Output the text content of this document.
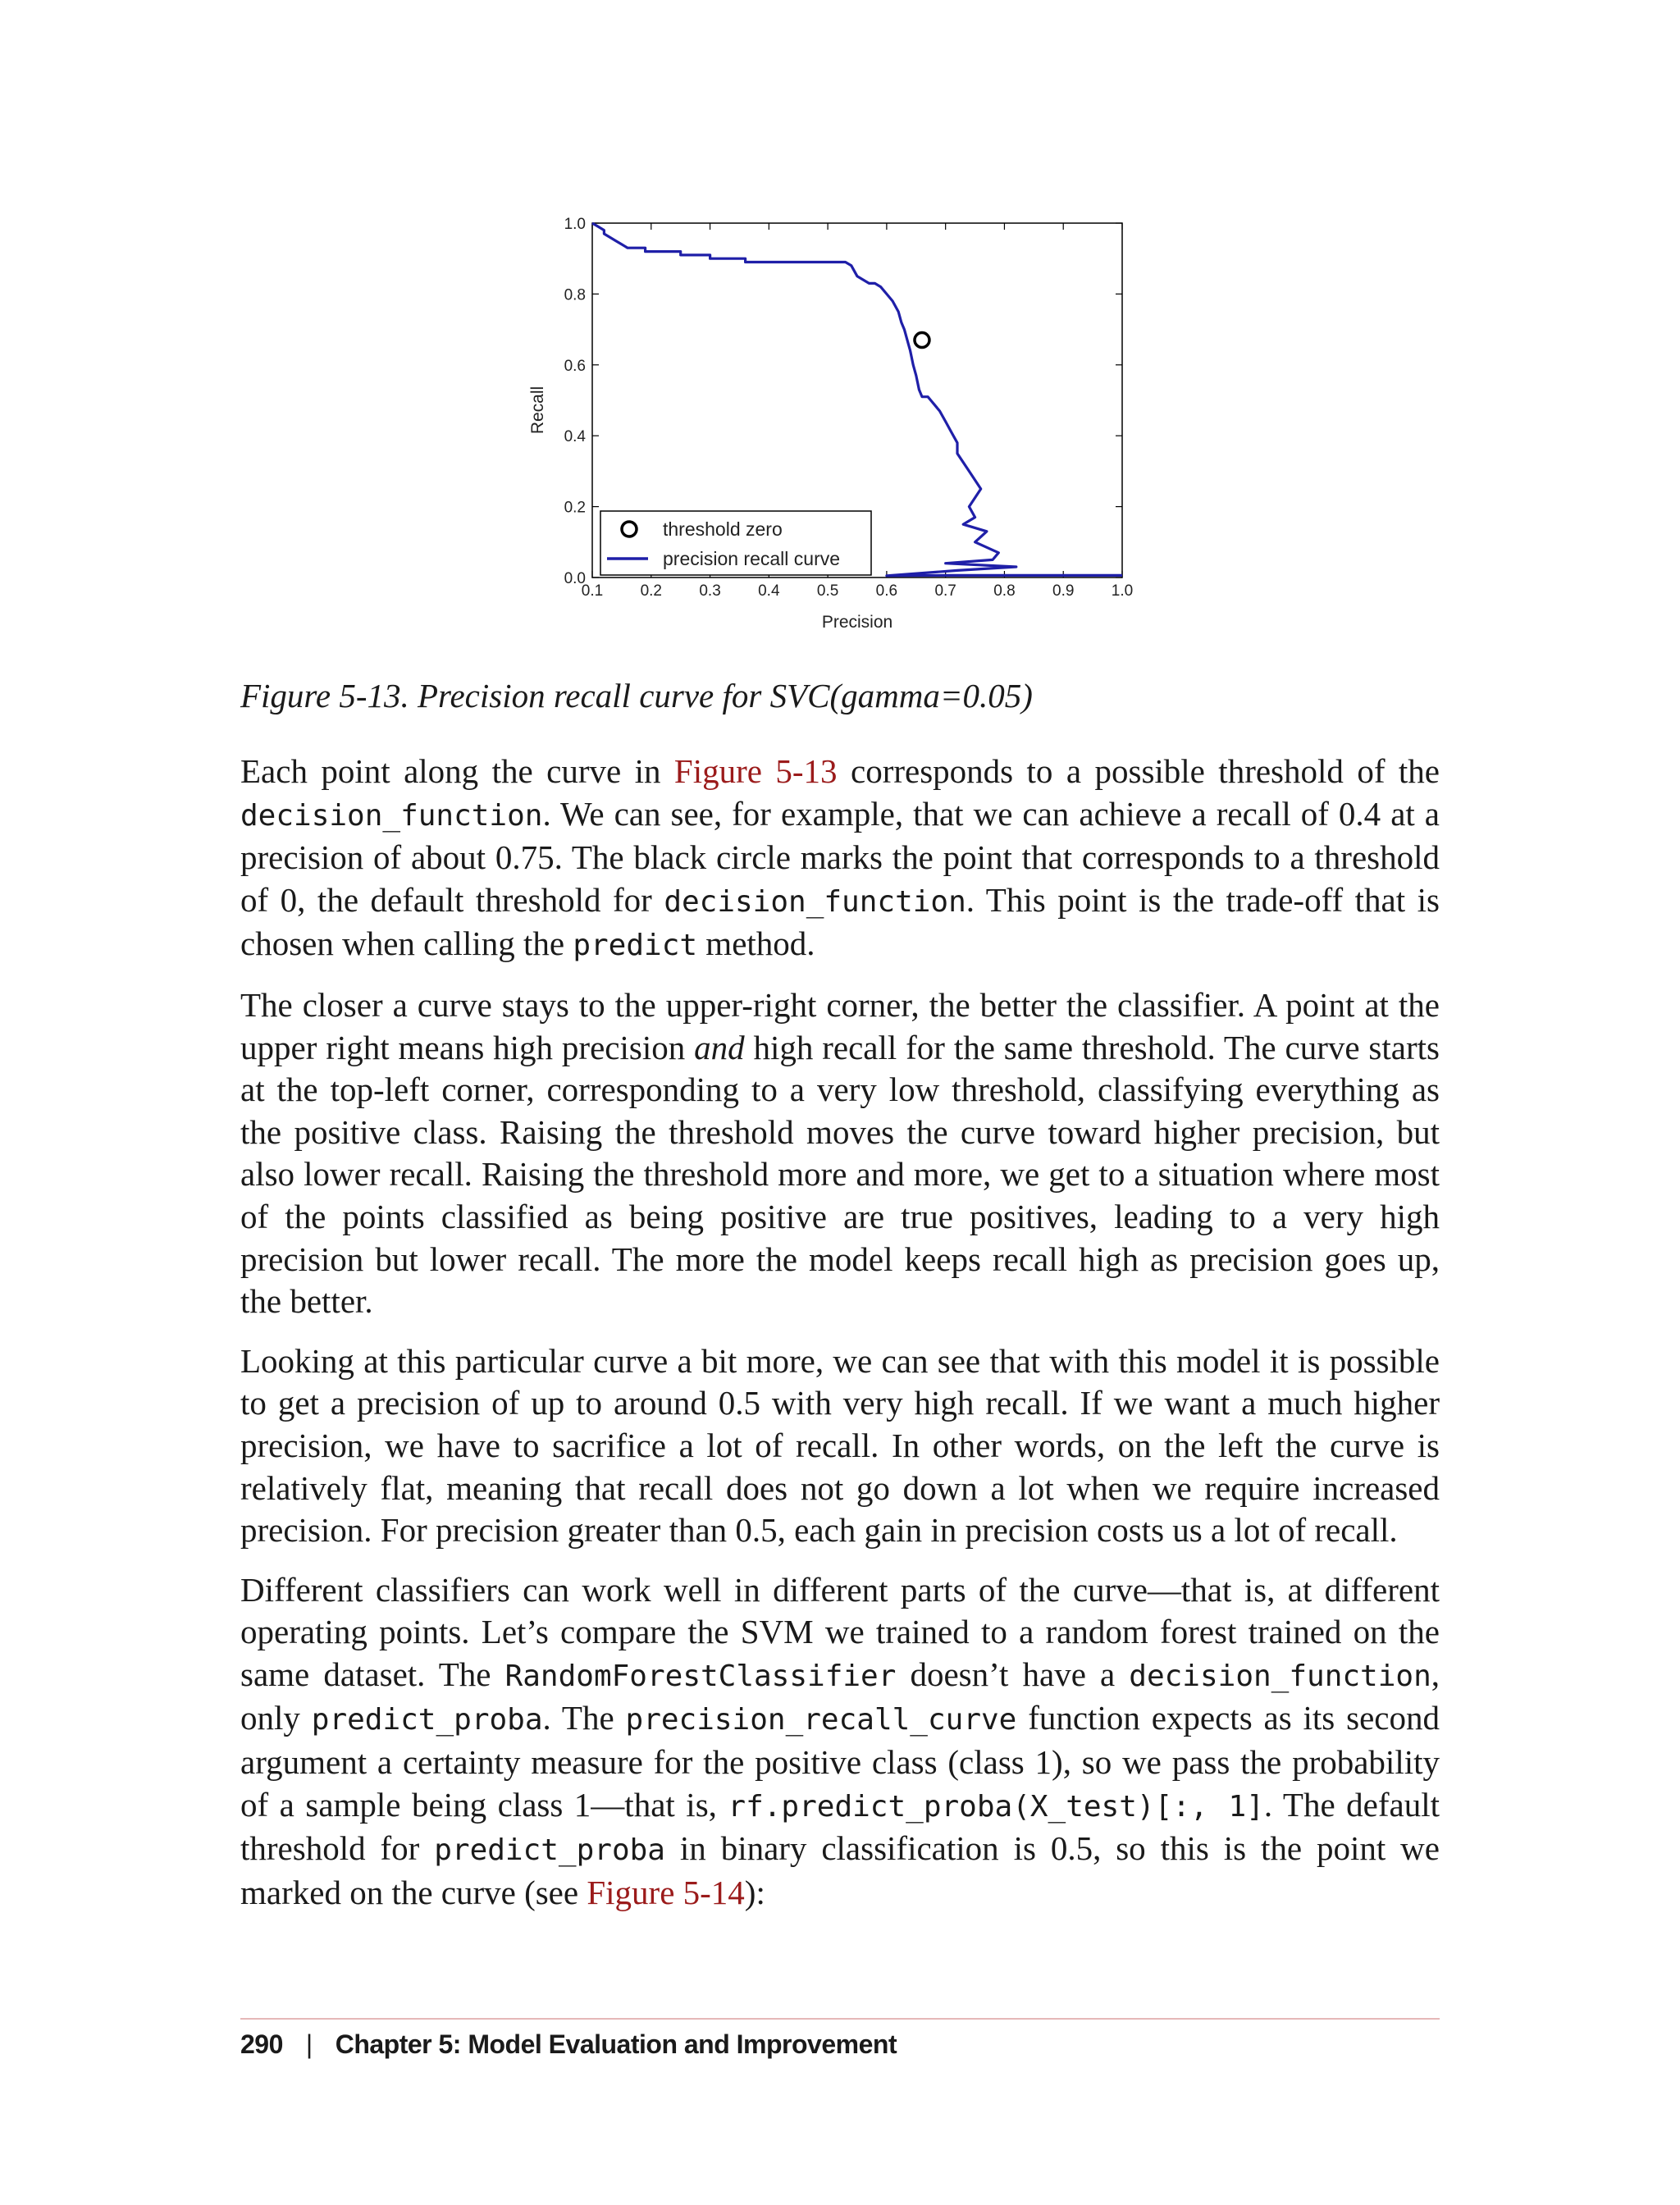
0.1 0.2 0.3 0.4 0.5 0.6 0.7 0.8 0.9 1.0
0.0
0.2
0.4
0.6
0.8
1.0
Precision
Recall
threshold zero
precision recall curve

Figure 5-13. Precision recall curve for SVC(gamma=0.05)

Each point along the curve in Figure 5-13 corresponds to a possible threshold of the decision_function. We can see, for example, that we can achieve a recall of 0.4 at a precision of about 0.75. The black circle marks the point that corresponds to a threshold of 0, the default threshold for decision_function. This point is the trade-off that is chosen when calling the predict method.

The closer a curve stays to the upper-right corner, the better the classifier. A point at the upper right means high precision and high recall for the same threshold. The curve starts at the top-left corner, corresponding to a very low threshold, classifying everything as the positive class. Raising the threshold moves the curve toward higher precision, but also lower recall. Raising the threshold more and more, we get to a situation where most of the points classified as being positive are true positives, leading to a very high precision but lower recall. The more the model keeps recall high as precision goes up, the better.

Looking at this particular curve a bit more, we can see that with this model it is possible to get a precision of up to around 0.5 with very high recall. If we want a much higher precision, we have to sacrifice a lot of recall. In other words, on the left the curve is relatively flat, meaning that recall does not go down a lot when we require increased precision. For precision greater than 0.5, each gain in precision costs us a lot of recall.

Different classifiers can work well in different parts of the curve—that is, at different operating points. Let’s compare the SVM we trained to a random forest trained on the same dataset. The RandomForestClassifier doesn’t have a decision_function, only predict_proba. The precision_recall_curve function expects as its second argument a certainty measure for the positive class (class 1), so we pass the probability of a sample being class 1—that is, rf.predict_proba(X_test)[:, 1]. The default threshold for predict_proba in binary classification is 0.5, so this is the point we marked on the curve (see Figure 5-14):

290 | Chapter 5: Model Evaluation and Improvement
